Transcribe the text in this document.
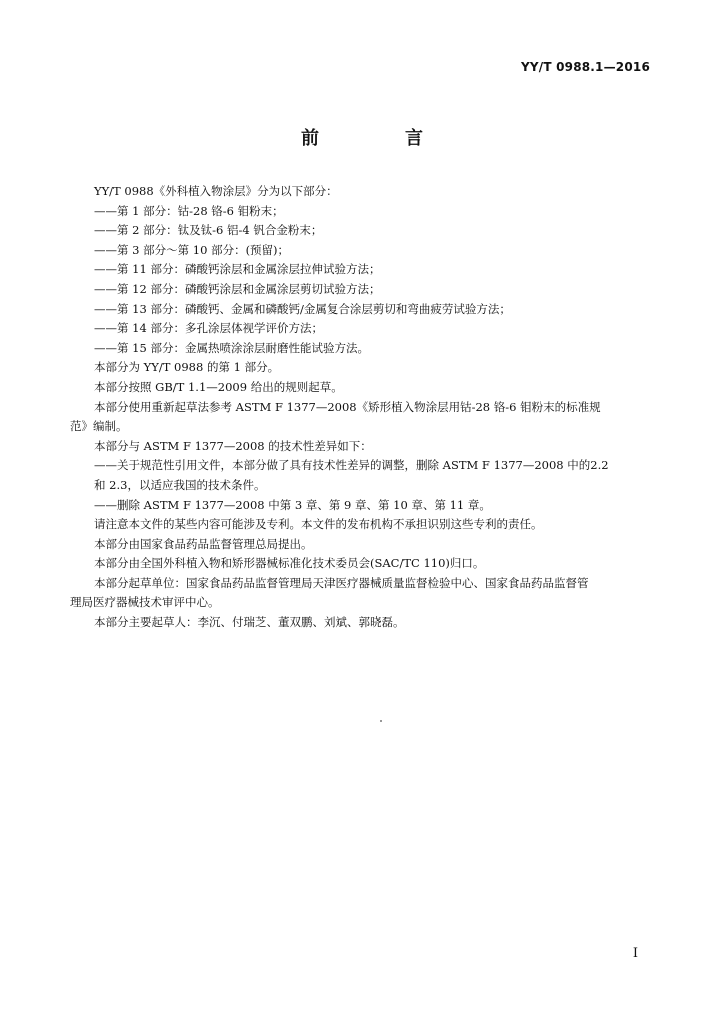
YY/T 0988.1—2016
前　言

YY/T 0988《外科植入物涂层》分为以下部分：

——第 1 部分：钴-28 铬-6 钼粉末；

——第 2 部分：钛及钛-6 铝-4 钒合金粉末；

——第 3 部分～第 10 部分：(预留)；

——第 11 部分：磷酸钙涂层和金属涂层拉伸试验方法；

——第 12 部分：磷酸钙涂层和金属涂层剪切试验方法；

——第 13 部分：磷酸钙、金属和磷酸钙/金属复合涂层剪切和弯曲疲劳试验方法；

——第 14 部分：多孔涂层体视学评价方法；

——第 15 部分：金属热喷涂涂层耐磨性能试验方法。

本部分为 YY/T 0988 的第 1 部分。

本部分按照 GB/T 1.1—2009 给出的规则起草。

本部分使用重新起草法参考 ASTM F 1377—2008《矫形植入物涂层用钴-28 铬-6 钼粉末的标准规

范》编制。

本部分与 ASTM F 1377—2008 的技术性差异如下：

——关于规范性引用文件，本部分做了具有技术性差异的调整，删除 ASTM F 1377—2008 中的2.2

和 2.3，以适应我国的技术条件。

——删除 ASTM F 1377—2008 中第 3 章、第 9 章、第 10 章、第 11 章。

请注意本文件的某些内容可能涉及专利。本文件的发布机构不承担识别这些专利的责任。

本部分由国家食品药品监督管理总局提出。

本部分由全国外科植入物和矫形器械标准化技术委员会(SAC/TC 110)归口。

本部分起草单位：国家食品药品监督管理局天津医疗器械质量监督检验中心、国家食品药品监督管

理局医疗器械技术审评中心。

本部分主要起草人：李沉、付瑞芝、董双鹏、刘斌、郭晓磊。

I
